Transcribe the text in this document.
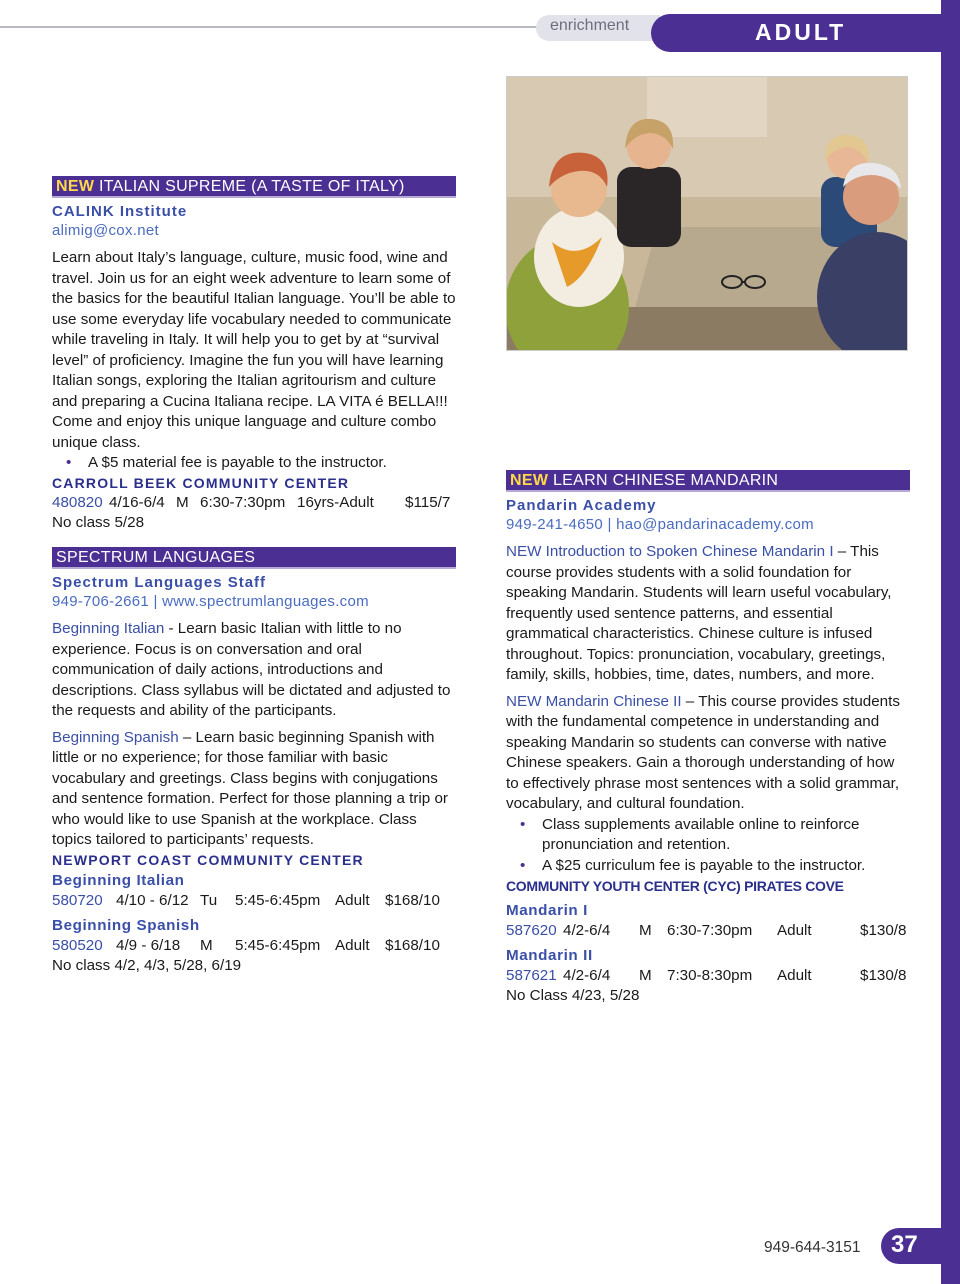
enrichment	ADULT
NEW ITALIAN SUPREME (A TASTE OF ITALY)
CALINK Institute
alimig@cox.net
Learn about Italy’s language, culture, music food, wine and travel. Join us for an eight week adventure to learn some of the basics for the beautiful Italian language. You’ll be able to use some everyday life vocabulary needed to communicate while traveling in Italy. It will help you to get by at “survival level” of proficiency. Imagine the fun you will have learning Italian songs, exploring the Italian agritourism and culture and preparing a Cucina Italiana recipe. LA VITA é BELLA!!! Come and enjoy this unique language and culture combo unique class.
• A $5 material fee is payable to the instructor.
CARROLL BEEK COMMUNITY CENTER
480820 4/16-6/4 M 6:30-7:30pm 16yrs-Adult	$115/7
No class 5/28
SPECTRUM LANGUAGES
Spectrum Languages Staff
949-706-2661 | www.spectrumlanguages.com
Beginning Italian - Learn basic Italian with little to no experience. Focus is on conversation and oral communication of daily actions, introductions and descriptions. Class syllabus will be dictated and adjusted to the requests and ability of the participants.
Beginning Spanish – Learn basic beginning Spanish with little or no experience; for those familiar with basic vocabulary and greetings. Class begins with conjugations and sentence formation. Perfect for those planning a trip or who would like to use Spanish at the workplace. Class topics tailored to participants’ requests.
NEWPORT COAST COMMUNITY CENTER
Beginning Italian
580720 4/10 - 6/12 Tu	5:45-6:45pm Adult	$168/10
Beginning Spanish
580520 4/9 - 6/18	M	5:45-6:45pm Adult	$168/10
No class 4/2, 4/3, 5/28, 6/19
NEW LEARN CHINESE MANDARIN
Pandarin Academy
949-241-4650 | hao@pandarinacademy.com
NEW Introduction to Spoken Chinese Mandarin I – This course provides students with a solid foundation for speaking Mandarin. Students will learn useful vocabulary, frequently used sentence patterns, and essential grammatical characteristics. Chinese culture is infused throughout. Topics: pronunciation, vocabulary, greetings, family, skills, hobbies, time, dates, numbers, and more.
NEW Mandarin Chinese II – This course provides students with the fundamental competence in understanding and speaking Mandarin so students can converse with native Chinese speakers. Gain a thorough understanding of how to effectively phrase most sentences with a solid grammar, vocabulary, and cultural foundation.
• Class supplements available online to reinforce pronunciation and retention.
• A $25 curriculum fee is payable to the instructor.
COMMUNITY YOUTH CENTER (CYC) PIRATES COVE
Mandarin I
587620 4/2-6/4	M	6:30-7:30pm	Adult	$130/8
Mandarin II
587621 4/2-6/4	M	7:30-8:30pm	Adult	$130/8
No Class 4/23, 5/28
949-644-3151 37
